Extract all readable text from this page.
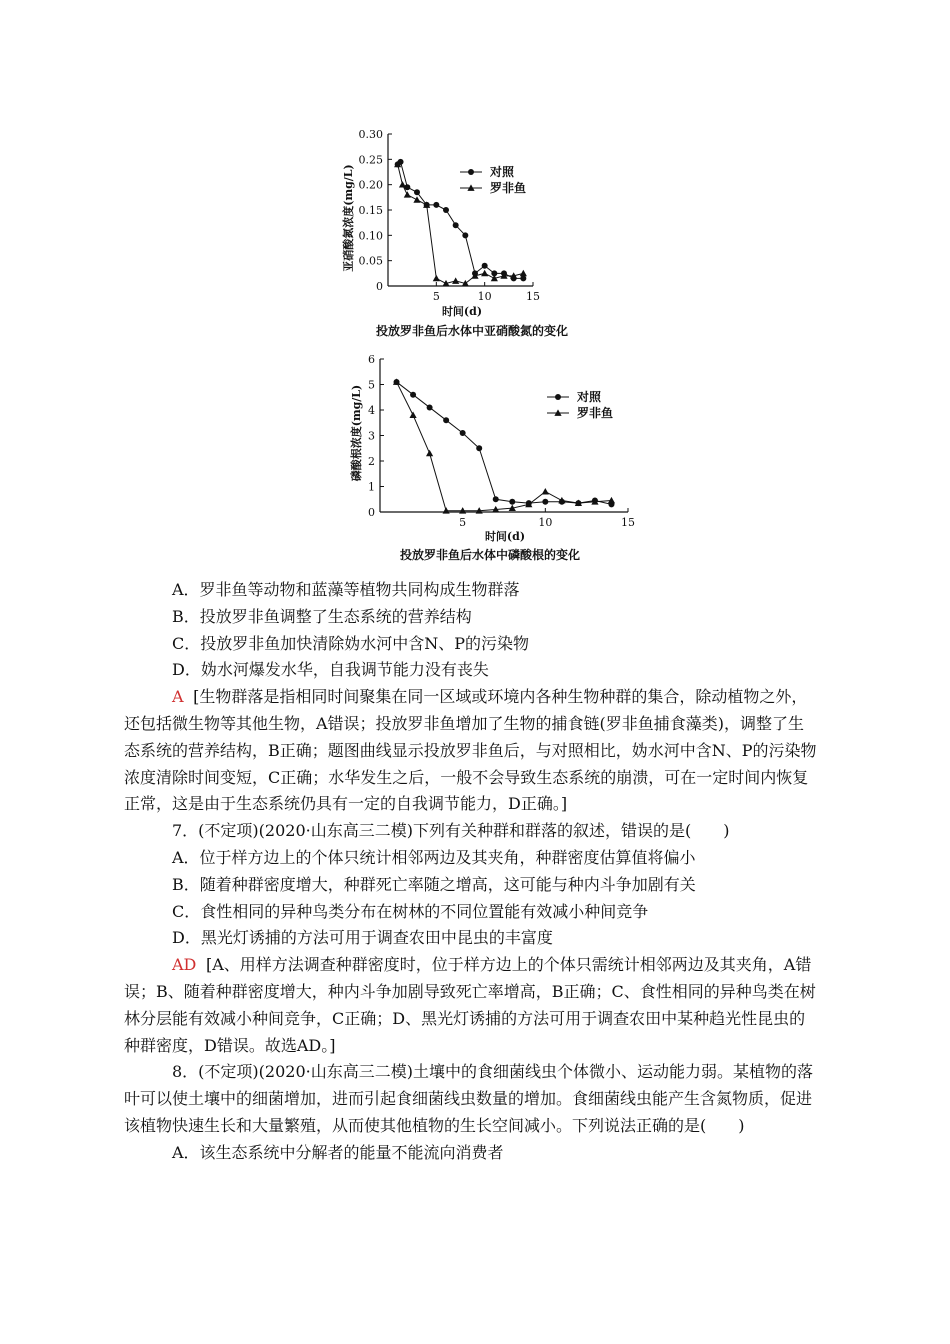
0
0.05
0.10
0.15
0.20
0.25
0.30
5	10	15
对照
罗非鱼
亚硝酸氮浓度(mg/L)
时间(d)
投放罗非鱼后水体中亚硝酸氮的变化
0
1
2
3
4
5
6
5	10	15
对照
罗非鱼
磷酸根浓度(mg/L)
时间(d)
投放罗非鱼后水体中磷酸根的变化

A．罗非鱼等动物和蓝藻等植物共同构成生物群落

B．投放罗非鱼调整了生态系统的营养结构

C．投放罗非鱼加快清除妫水河中含N、P的污染物

D．妫水河爆发水华，自我调节能力没有丧失

A [生物群落是指相同时间聚集在同一区域或环境内各种生物种群的集合，除动植物之外，还包括微生物等其他生物，A错误；投放罗非鱼增加了生物的捕食链(罗非鱼捕食藻类)，调整了生态系统的营养结构，B正确；题图曲线显示投放罗非鱼后，与对照相比，妫水河中含N、P的污染物浓度清除时间变短，C正确；水华发生之后，一般不会导致生态系统的崩溃，可在一定时间内恢复正常，这是由于生态系统仍具有一定的自我调节能力，D正确。]

7．(不定项)(2020·山东高三二模)下列有关种群和群落的叙述，错误的是(　　)

A．位于样方边上的个体只统计相邻两边及其夹角，种群密度估算值将偏小

B．随着种群密度增大，种群死亡率随之增高，这可能与种内斗争加剧有关

C．食性相同的异种鸟类分布在树林的不同位置能有效减小种间竞争

D．黑光灯诱捕的方法可用于调查农田中昆虫的丰富度

AD [A、用样方法调查种群密度时，位于样方边上的个体只需统计相邻两边及其夹角，A错误；B、随着种群密度增大，种内斗争加剧导致死亡率增高，B正确；C、食性相同的异种鸟类在树林分层能有效减小种间竞争，C正确；D、黑光灯诱捕的方法可用于调查农田中某种趋光性昆虫的种群密度，D错误。故选AD。]

8．(不定项)(2020·山东高三二模)土壤中的食细菌线虫个体微小、运动能力弱。某植物的落叶可以使土壤中的细菌增加，进而引起食细菌线虫数量的增加。食细菌线虫能产生含氮物质，促进该植物快速生长和大量繁殖，从而使其他植物的生长空间减小。下列说法正确的是(　　)

A．该生态系统中分解者的能量不能流向消费者
